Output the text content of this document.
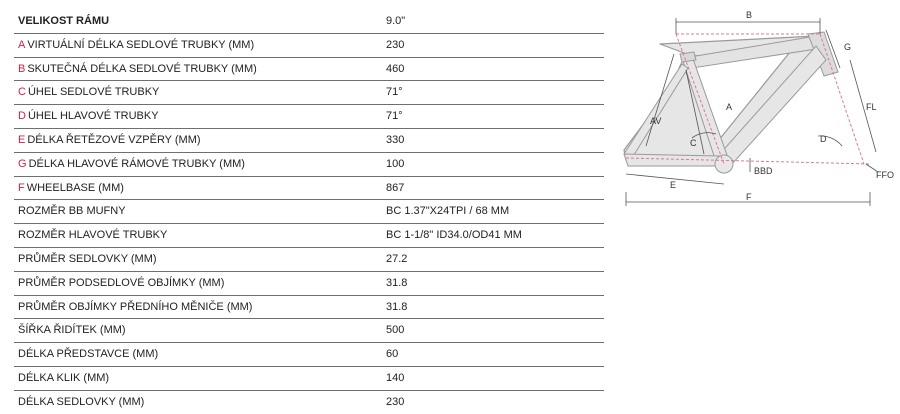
VELIKOST RÁMU	9.0"
A VIRTUÁLNÍ DÉLKA SEDLOVÉ TRUBKY (MM)	230
B SKUTEČNÁ DÉLKA SEDLOVÉ TRUBKY (MM)	460
C ÚHEL SEDLOVÉ TRUBKY	71°
D ÚHEL HLAVOVÉ TRUBKY	71°
E DÉLKA ŘETĚZOVÉ VZPĚRY (MM)	330
G DÉLKA HLAVOVÉ RÁMOVÉ TRUBKY (MM)	100
F WHEELBASE (MM)	867
ROZMĚR BB MUFNY	BC 1.37"X24TPI / 68 MM
ROZMĚR HLAVOVÉ TRUBKY	BC 1-1/8" ID34.0/OD41 MM
PRŮMĚR SEDLOVKY (MM)	27.2
PRŮMĚR PODSEDLOVÉ OBJÍMKY (MM)	31.8
PRŮMĚR OBJÍMKY PŘEDNÍHO MĚNIČE (MM)	31.8
ŠÍŘKA ŘIDÍTEK (MM)	500
DÉLKA PŘEDSTAVCE (MM)	60
DÉLKA KLIK (MM)	140
DÉLKA SEDLOVKY (MM)	230
B
G
FL
AV
A
C	D
BBD
E
F
FFO
